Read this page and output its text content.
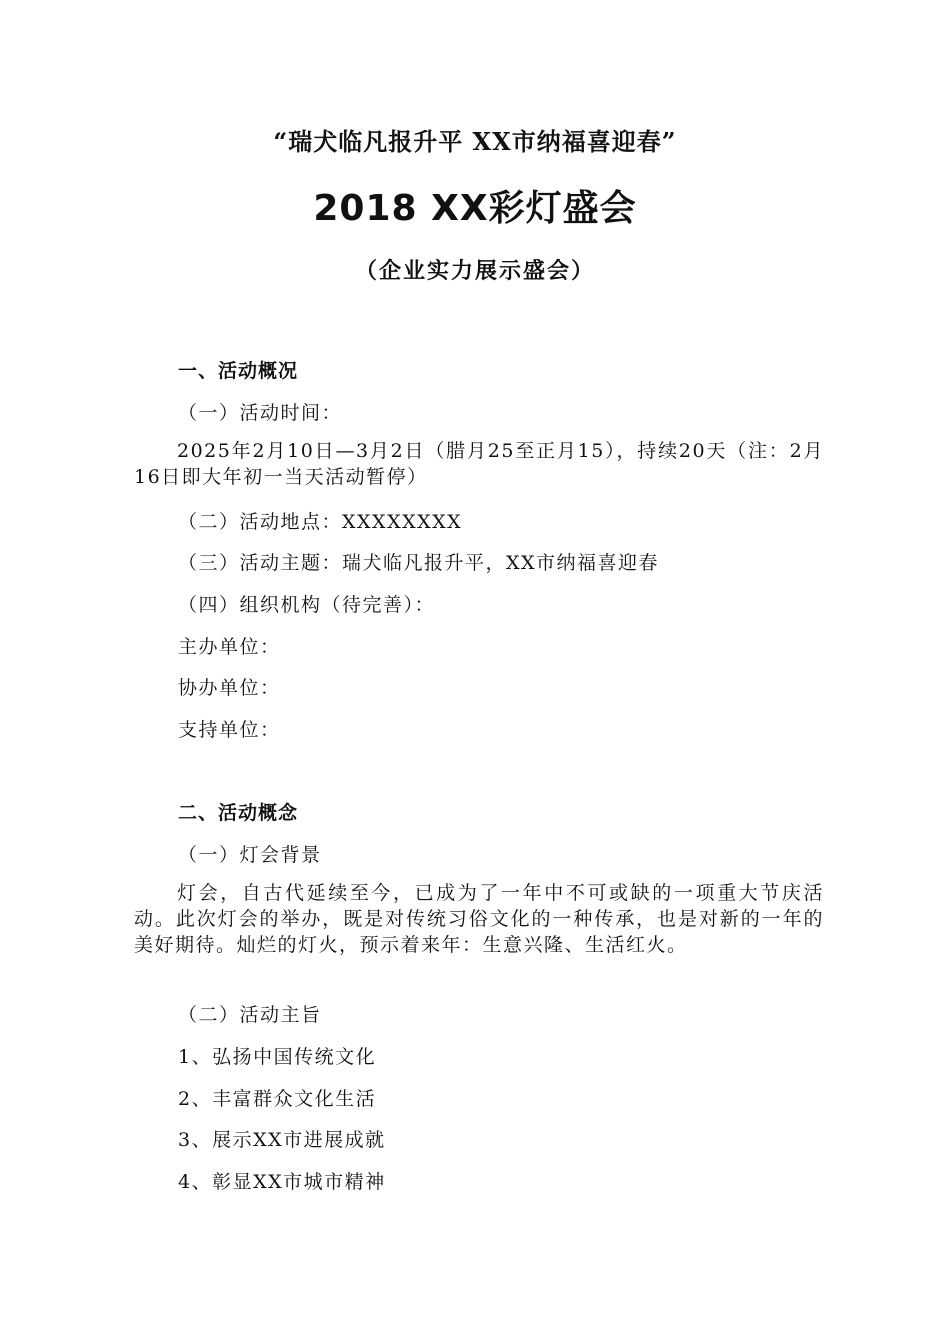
“瑞犬临凡报升平 XX市纳福喜迎春”
2018 XX彩灯盛会
（企业实力展示盛会）
一、活动概况
（一）活动时间：
2025年2月10日—3月2日（腊月25至正月15），持续20天（注：2月16日即大年初一当天活动暂停）
（二）活动地点：XXXXXXXX
（三）活动主题：瑞犬临凡报升平，XX市纳福喜迎春
（四）组织机构（待完善）：
主办单位：
协办单位：
支持单位：
二、活动概念
（一）灯会背景
灯会，自古代延续至今，已成为了一年中不可或缺的一项重大节庆活动。此次灯会的举办，既是对传统习俗文化的一种传承，也是对新的一年的美好期待。灿烂的灯火，预示着来年：生意兴隆、生活红火。
（二）活动主旨
1、弘扬中国传统文化
2、丰富群众文化生活
3、展示XX市进展成就
4、彰显XX市城市精神
